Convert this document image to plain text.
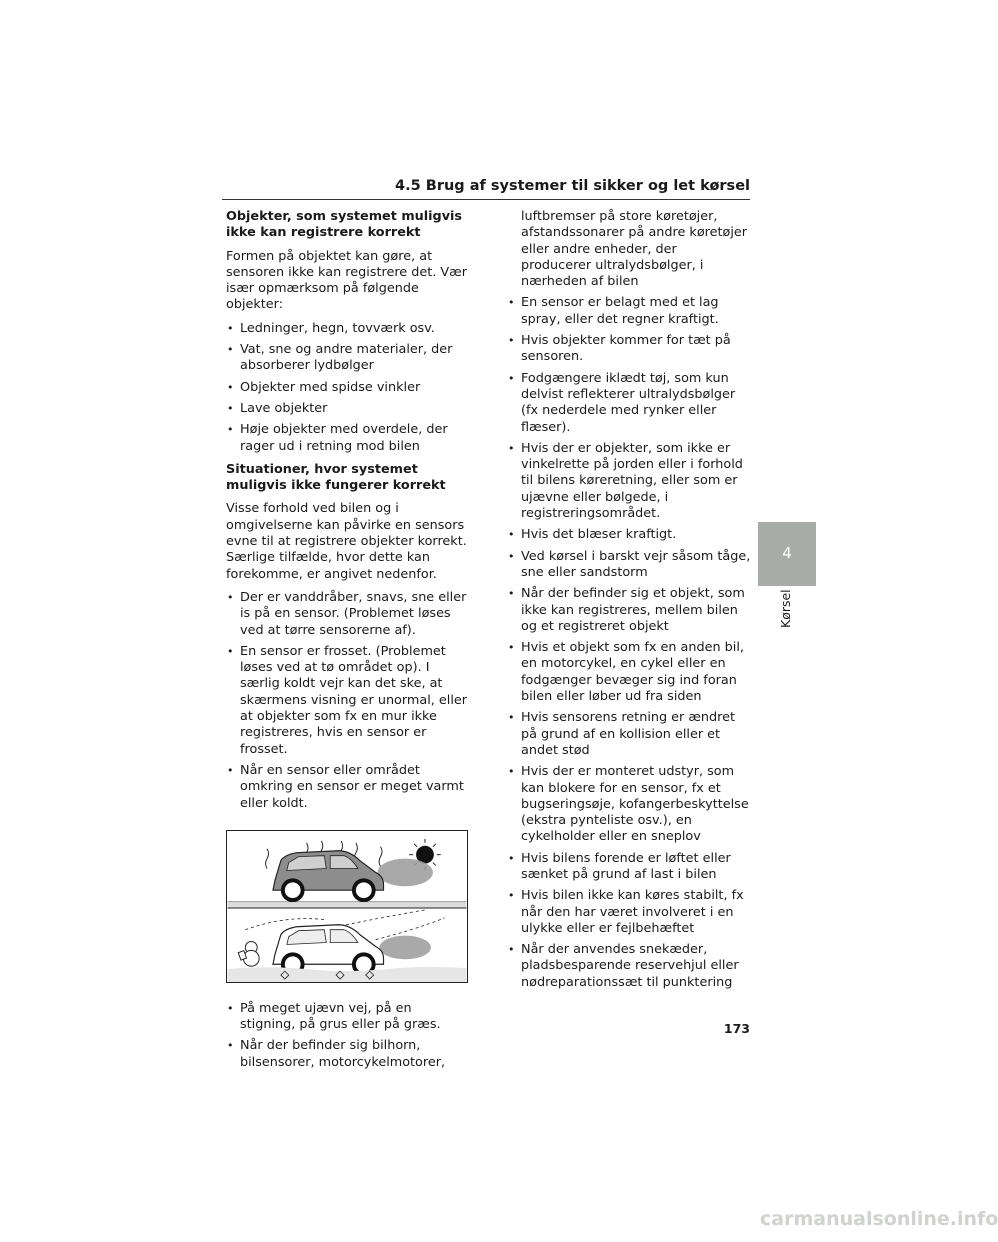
4.5 Brug af systemer til sikker og let kørsel
Objekter, som systemet muligvis ikke kan registrere korrekt

Formen på objektet kan gøre, at sensoren ikke kan registrere det. Vær især opmærksom på følgende objekter:

• Ledninger, hegn, tovværk osv.
• Vat, sne og andre materialer, der absorberer lydbølger
• Objekter med spidse vinkler
• Lave objekter
• Høje objekter med overdele, der rager ud i retning mod bilen
Situationer, hvor systemet muligvis ikke fungerer korrekt

Visse forhold ved bilen og i omgivelserne kan påvirke en sensors evne til at registrere objekter korrekt. Særlige tilfælde, hvor dette kan forekomme, er angivet nedenfor.

• Der er vanddråber, snavs, sne eller is på en sensor. (Problemet løses ved at tørre sensorerne af).
• En sensor er frosset. (Problemet løses ved at tø området op). I særlig koldt vejr kan det ske, at skærmens visning er unormal, eller at objekter som fx en mur ikke registreres, hvis en sensor er frosset.
• Når en sensor eller området omkring en sensor er meget varmt eller koldt.
• På meget ujævn vej, på en stigning, på grus eller på græs.
• Når der befinder sig bilhorn, bilsensorer, motorcykelmotorer,
luftbremser på store køretøjer, afstandssonarer på andre køretøjer eller andre enheder, der producerer ultralydsbølger, i nærheden af bilen
• En sensor er belagt med et lag spray, eller det regner kraftigt.
• Hvis objekter kommer for tæt på sensoren.
• Fodgængere iklædt tøj, som kun delvist reflekterer ultralydsbølger (fx nederdele med rynker eller flæser).
• Hvis der er objekter, som ikke er vinkelrette på jorden eller i forhold til bilens køreretning, eller som er ujævne eller bølgede, i registreringsområdet.
• Hvis det blæser kraftigt.
• Ved kørsel i barskt vejr såsom tåge, sne eller sandstorm
• Når der befinder sig et objekt, som ikke kan registreres, mellem bilen og et registreret objekt
• Hvis et objekt som fx en anden bil, en motorcykel, en cykel eller en fodgænger bevæger sig ind foran bilen eller løber ud fra siden
• Hvis sensorens retning er ændret på grund af en kollision eller et andet stød
• Hvis der er monteret udstyr, som kan blokere for en sensor, fx et bugseringsøje, kofangerbeskyttelse (ekstra pynteliste osv.), en cykelholder eller en sneplov
• Hvis bilens forende er løftet eller sænket på grund af last i bilen
• Hvis bilen ikke kan køres stabilt, fx når den har været involveret i en ulykke eller er fejlbehæftet
• Når der anvendes snekæder, pladsbesparende reservehjul eller nødreparationssæt til punktering
4
Kørsel
173
carmanualsonline.info
